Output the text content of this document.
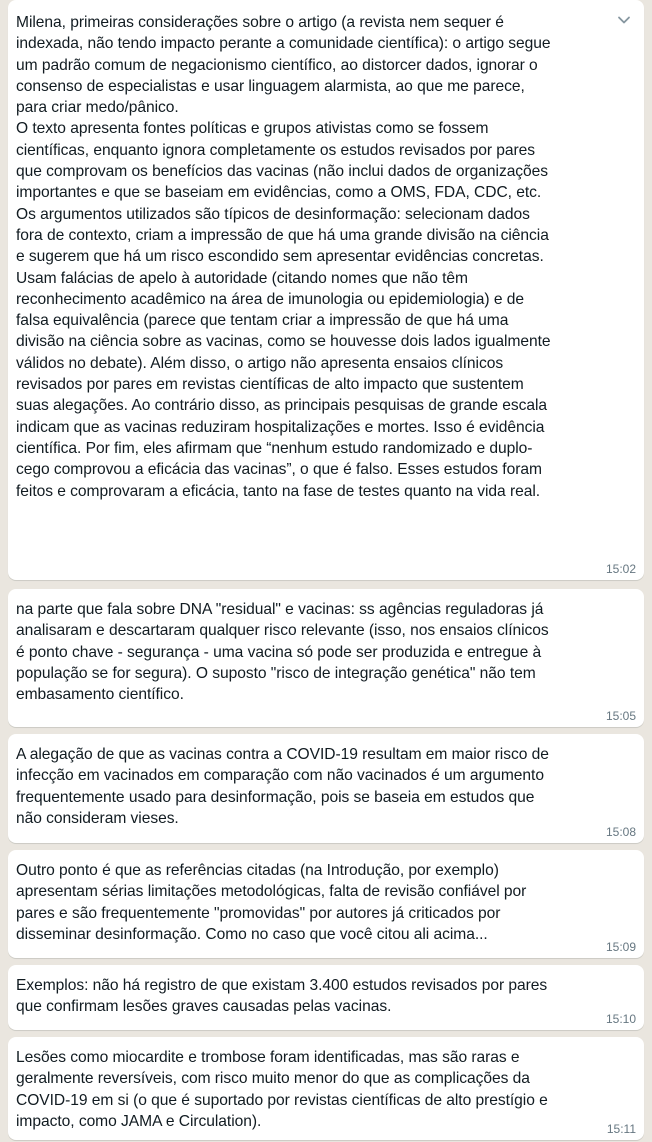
Milena, primeiras considerações sobre o artigo (a revista nem sequer é
indexada, não tendo impacto perante a comunidade científica): o artigo segue
um padrão comum de negacionismo científico, ao distorcer dados, ignorar o
consenso de especialistas e usar linguagem alarmista, ao que me parece,
para criar medo/pânico.
O texto apresenta fontes políticas e grupos ativistas como se fossem
científicas, enquanto ignora completamente os estudos revisados por pares
que comprovam os benefícios das vacinas (não inclui dados de organizações
importantes e que se baseiam em evidências, como a OMS, FDA, CDC, etc.
Os argumentos utilizados são típicos de desinformação: selecionam dados
fora de contexto, criam a impressão de que há uma grande divisão na ciência
e sugerem que há um risco escondido sem apresentar evidências concretas.
Usam falácias de apelo à autoridade (citando nomes que não têm
reconhecimento acadêmico na área de imunologia ou epidemiologia) e de
falsa equivalência (parece que tentam criar a impressão de que há uma
divisão na ciência sobre as vacinas, como se houvesse dois lados igualmente
válidos no debate). Além disso, o artigo não apresenta ensaios clínicos
revisados por pares em revistas científicas de alto impacto que sustentem
suas alegações. Ao contrário disso, as principais pesquisas de grande escala
indicam que as vacinas reduziram hospitalizações e mortes. Isso é evidência
científica. Por fim, eles afirmam que “nenhum estudo randomizado e duplo-
cego comprovou a eficácia das vacinas”, o que é falso. Esses estudos foram
feitos e comprovaram a eficácia, tanto na fase de testes quanto na vida real.

15:02

na parte que fala sobre DNA "residual" e vacinas: ss agências reguladoras já
analisaram e descartaram qualquer risco relevante (isso, nos ensaios clínicos
é ponto chave - segurança - uma vacina só pode ser produzida e entregue à
população se for segura). O suposto "risco de integração genética" não tem
embasamento científico.

15:05

A alegação de que as vacinas contra a COVID-19 resultam em maior risco de
infecção em vacinados em comparação com não vacinados é um argumento
frequentemente usado para desinformação, pois se baseia em estudos que
não consideram vieses.

15:08

Outro ponto é que as referências citadas (na Introdução, por exemplo)
apresentam sérias limitações metodológicas, falta de revisão confiável por
pares e são frequentemente "promovidas" por autores já criticados por
disseminar desinformação. Como no caso que você citou ali acima...

15:09

Exemplos: não há registro de que existam 3.400 estudos revisados por pares
que confirmam lesões graves causadas pelas vacinas.

15:10

Lesões como miocardite e trombose foram identificadas, mas são raras e
geralmente reversíveis, com risco muito menor do que as complicações da
COVID-19 em si (o que é suportado por revistas científicas de alto prestígio e
impacto, como JAMA e Circulation).	15:11
